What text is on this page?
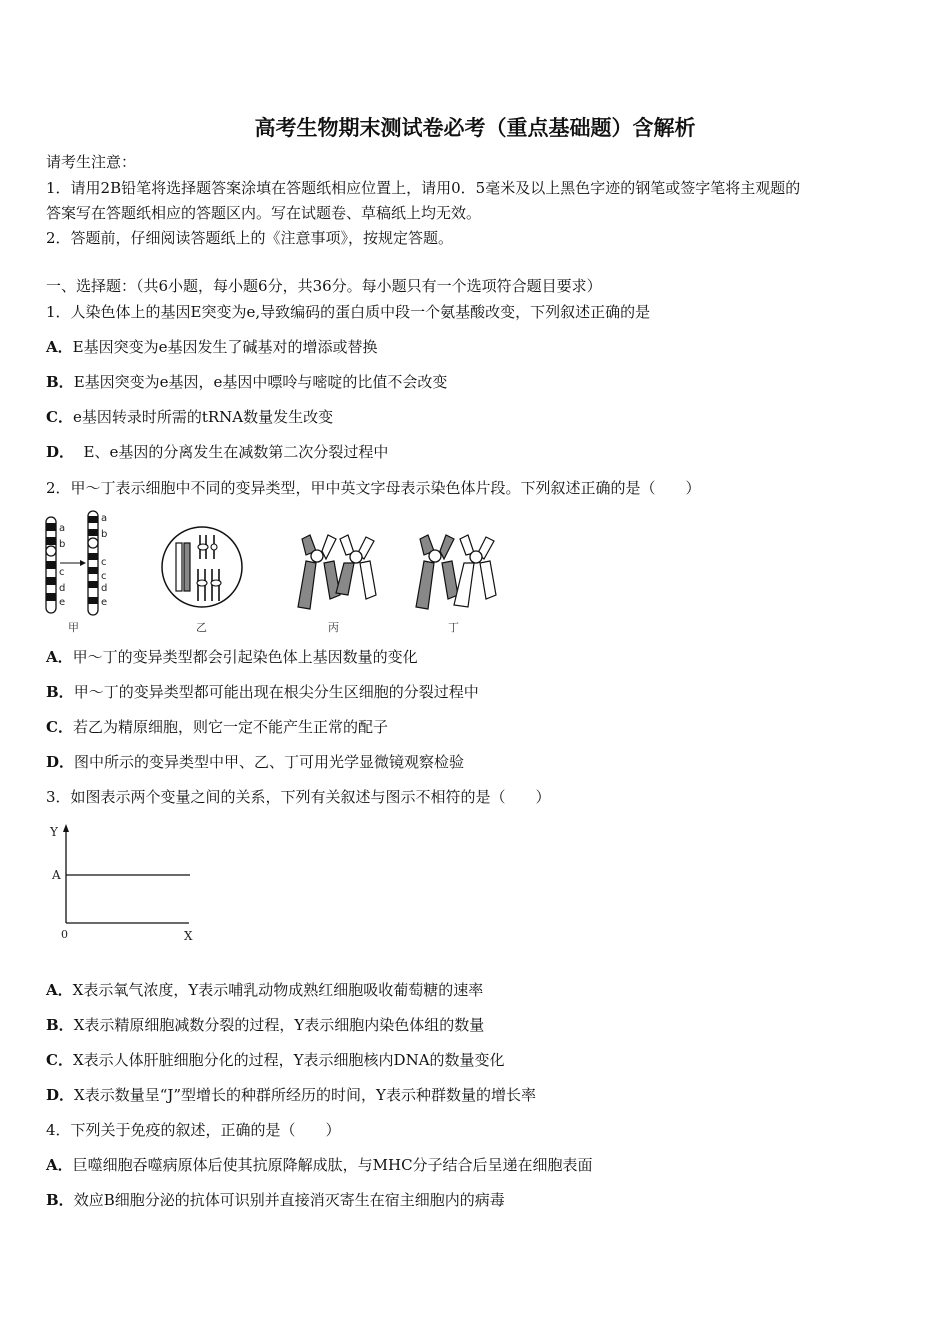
高考生物期末测试卷必考（重点基础题）含解析
请考生注意：
1．请用2B铅笔将选择题答案涂填在答题纸相应位置上，请用0．5毫米及以上黑色字迹的钢笔或签字笔将主观题的
答案写在答题纸相应的答题区内。写在试题卷、草稿纸上均无效。
2．答题前，仔细阅读答题纸上的《注意事项》，按规定答题。
一、选择题：（共6小题，每小题6分，共36分。每小题只有一个选项符合题目要求）
1．人染色体上的基因E突变为e,导致编码的蛋白质中段一个氨基酸改变，下列叙述正确的是
A．E基因突变为e基因发生了碱基对的增添或替换
B．E基因突变为e基因，e基因中嘌呤与嘧啶的比值不会改变
C．e基因转录时所需的tRNA数量发生改变
D．  E、e基因的分离发生在减数第二次分裂过程中
2．甲～丁表示细胞中不同的变异类型，甲中英文字母表示染色体片段。下列叙述正确的是（　　）
a
b
c
d
e
a
b
c
c
d
e
甲	乙	丙	丁
A．甲～丁的变异类型都会引起染色体上基因数量的变化
B．甲～丁的变异类型都可能出现在根尖分生区细胞的分裂过程中
C．若乙为精原细胞，则它一定不能产生正常的配子
D．图中所示的变异类型中甲、乙、丁可用光学显微镜观察检验
3．如图表示两个变量之间的关系，下列有关叙述与图示不相符的是（　　）
Y
A
0	X
A．X表示氧气浓度，Y表示哺乳动物成熟红细胞吸收葡萄糖的速率
B．X表示精原细胞减数分裂的过程，Y表示细胞内染色体组的数量
C．X表示人体肝脏细胞分化的过程，Y表示细胞核内DNA的数量变化
D．X表示数量呈“J”型增长的种群所经历的时间，Y表示种群数量的增长率
4．下列关于免疫的叙述，正确的是（　　）
A．巨噬细胞吞噬病原体后使其抗原降解成肽，与MHC分子结合后呈递在细胞表面
B．效应B细胞分泌的抗体可识别并直接消灭寄生在宿主细胞内的病毒
